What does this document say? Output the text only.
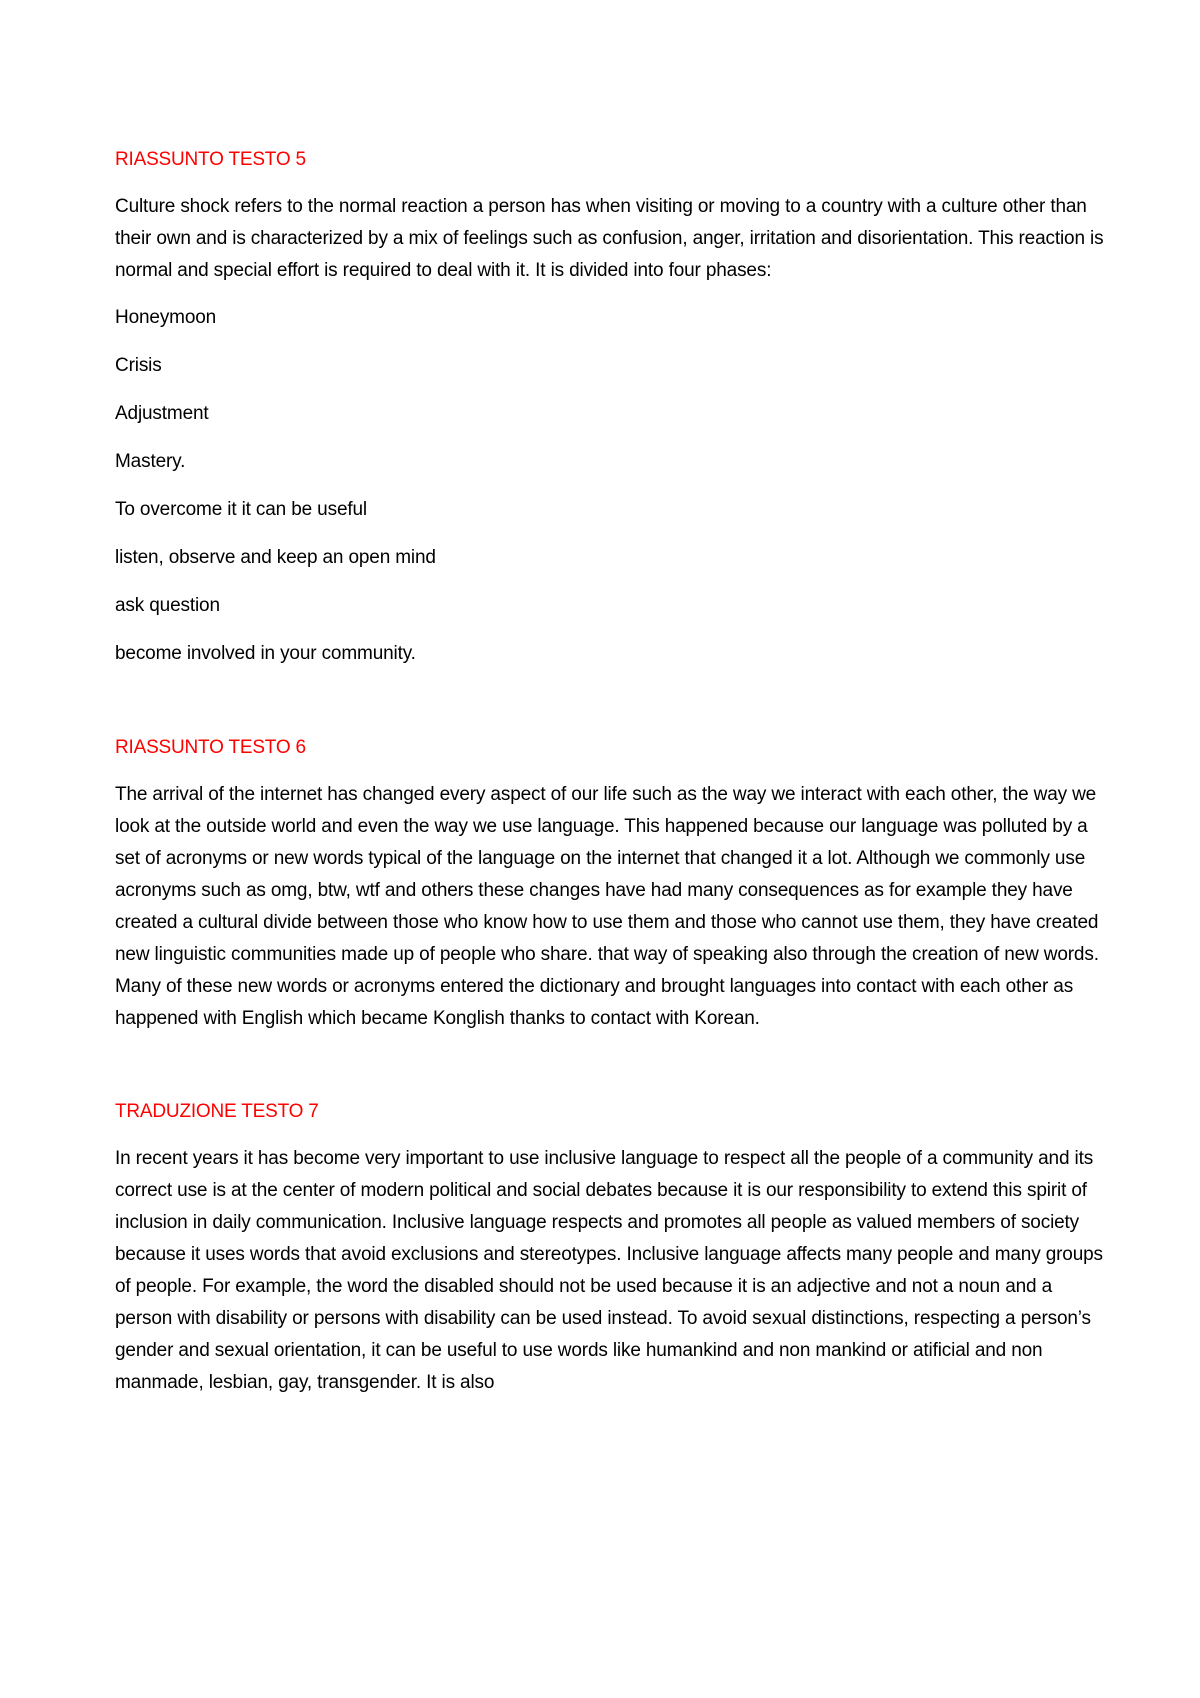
RIASSUNTO TESTO 5
Culture shock refers to the normal reaction a person has when visiting or moving to a country with a culture other than their own and is characterized by a mix of feelings such as confusion, anger, irritation and disorientation. This reaction is normal and special effort is required to deal with it. It is divided into four phases:
Honeymoon
Crisis
Adjustment
Mastery.
To overcome it it can be useful
listen, observe and keep an open mind
ask question
become involved in your community.
RIASSUNTO TESTO 6
The arrival of the internet has changed every aspect of our life such as the way we interact with each other, the way we look at the outside world and even the way we use language. This happened because our language was polluted by a set of acronyms or new words typical of the language on the internet that changed it a lot. Although we commonly use acronyms such as omg, btw, wtf and others these changes have had many consequences as for example they have created a cultural divide between those who know how to use them and those who cannot use them, they have created new linguistic communities made up of people who share. that way of speaking also through the creation of new words. Many of these new words or acronyms entered the dictionary and brought languages into contact with each other as happened with English which became Konglish thanks to contact with Korean.
TRADUZIONE TESTO 7
In recent years it has become very important to use inclusive language to respect all the people of a community and its correct use is at the center of modern political and social debates because it is our responsibility to extend this spirit of inclusion in daily communication. Inclusive language respects and promotes all people as valued members of society because it uses words that avoid exclusions and stereotypes. Inclusive language affects many people and many groups of people. For example, the word the disabled should not be used because it is an adjective and not a noun and a person with disability or persons with disability can be used instead. To avoid sexual distinctions, respecting a person’s gender and sexual orientation, it can be useful to use words like humankind and non mankind or atificial and non manmade, lesbian, gay, transgender. It is also
